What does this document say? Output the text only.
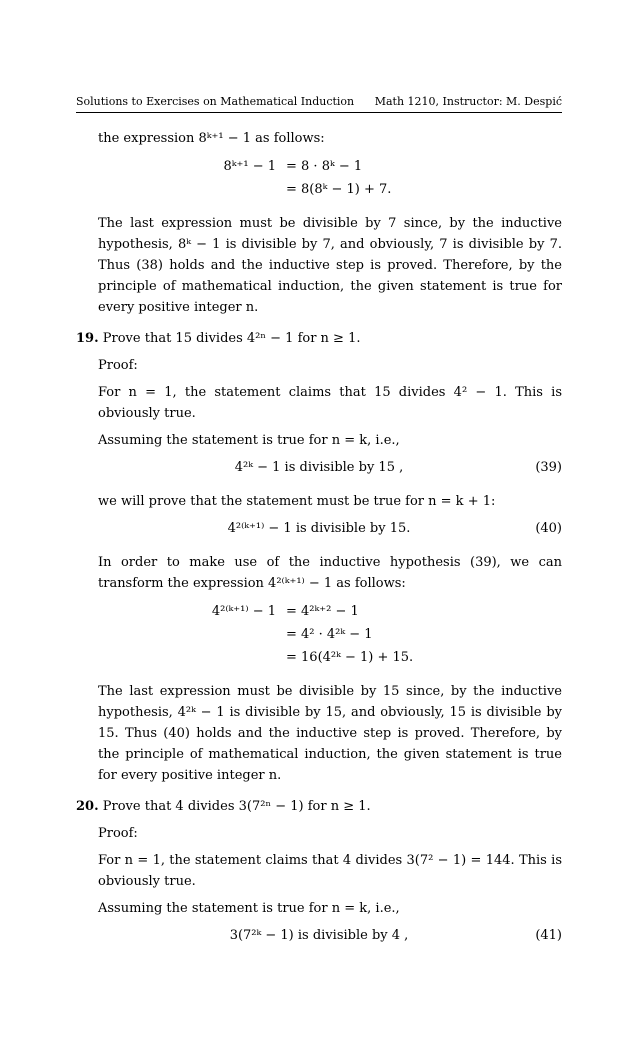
Solutions to Exercises on Mathematical Induction Math 1210, Instructor: M. Despić

the expression 8ᵏ⁺¹ − 1 as follows:

8ᵏ⁺¹ − 1 = 8 · 8ᵏ − 1
= 8(8ᵏ − 1) + 7.

The last expression must be divisible by 7 since, by the inductive hypothesis, 8ᵏ − 1 is divisible by 7, and obviously, 7 is divisible by 7. Thus (38) holds and the inductive step is proved. Therefore, by the principle of mathematical induction, the given statement is true for every positive integer n.

19. Prove that 15 divides 4²ⁿ − 1 for n ≥ 1.

Proof:

For n = 1, the statement claims that 15 divides 4² − 1. This is obviously true.

Assuming the statement is true for n = k, i.e.,

4²ᵏ − 1 is divisible by 15 ,	(39)

we will prove that the statement must be true for n = k + 1:

4²⁽ᵏ⁺¹⁾ − 1 is divisible by 15.	(40)

In order to make use of the inductive hypothesis (39), we can transform the expression 4²⁽ᵏ⁺¹⁾ − 1 as follows:

4²⁽ᵏ⁺¹⁾ − 1 = 4²ᵏ⁺² − 1
= 4² · 4²ᵏ − 1
= 16(4²ᵏ − 1) + 15.

The last expression must be divisible by 15 since, by the inductive hypothesis, 4²ᵏ − 1 is divisible by 15, and obviously, 15 is divisible by 15. Thus (40) holds and the inductive step is proved. Therefore, by the principle of mathematical induction, the given statement is true for every positive integer n.

20. Prove that 4 divides 3(7²ⁿ − 1) for n ≥ 1.

Proof:

For n = 1, the statement claims that 4 divides 3(7² − 1) = 144. This is obviously true.

Assuming the statement is true for n = k, i.e.,

3(7²ᵏ − 1) is divisible by 4 ,	(41)
